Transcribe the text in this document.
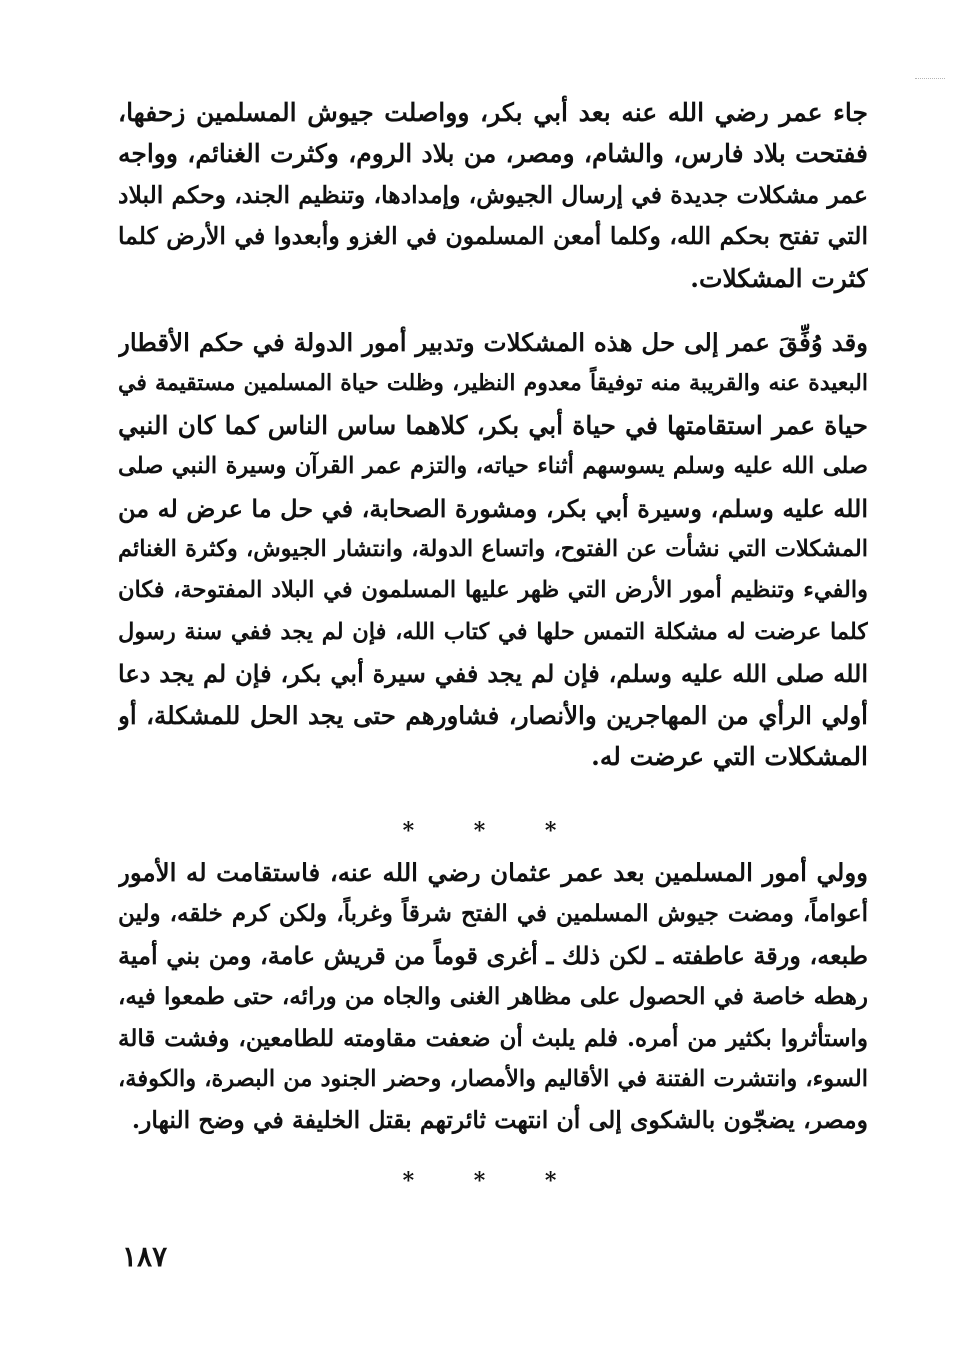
جاء عمر رضي الله عنه بعد أبي بكر، وواصلت جيوش المسلمين زحفها،
ففتحت بلاد فارس، والشام، ومصر، من بلاد الروم، وكثرت الغنائم، وواجه
عمر مشكلات جديدة في إرسال الجيوش، وإمدادها، وتنظيم الجند، وحكم البلاد
التي تفتح بحكم الله، وكلما أمعن المسلمون في الغزو وأبعدوا في الأرض كلما
كثرت المشكلات.
وقد وُفِّقَ عمر إلى حل هذه المشكلات وتدبير أمور الدولة في حكم الأقطار
البعيدة عنه والقريبة منه توفيقاً معدوم النظير، وظلت حياة المسلمين مستقيمة في
حياة عمر استقامتها في حياة أبي بكر، كلاهما ساس الناس كما كان النبي
صلى الله عليه وسلم يسوسهم أثناء حياته، والتزم عمر القرآن وسيرة النبي صلى
الله عليه وسلم، وسيرة أبي بكر، ومشورة الصحابة، في حل ما عرض له من
المشكلات التي نشأت عن الفتوح، واتساع الدولة، وانتشار الجيوش، وكثرة الغنائم
والفيء وتنظيم أمور الأرض التي ظهر عليها المسلمون في البلاد المفتوحة، فكان
كلما عرضت له مشكلة التمس حلها في كتاب الله، فإن لم يجد ففي سنة رسول
الله صلى الله عليه وسلم، فإن لم يجد ففي سيرة أبي بكر، فإن لم يجد دعا
أولي الرأي من المهاجرين والأنصار، فشاورهم حتى يجد الحل للمشكلة، أو
المشكلات التي عرضت له.
* * *
وولي أمور المسلمين بعد عمر عثمان رضي الله عنه، فاستقامت له الأمور
أعواماً، ومضت جيوش المسلمين في الفتح شرقاً وغرباً، ولكن كرم خلقه، ولين
طبعه، ورقة عاطفته ـ لكن ذلك ـ أغرى قوماً من قريش عامة، ومن بني أمية
رهطه خاصة في الحصول على مظاهر الغنى والجاه من ورائه، حتى طمعوا فيه،
واستأثروا بكثير من أمره. فلم يلبث أن ضعفت مقاومته للطامعين، وفشت قالة
السوء، وانتشرت الفتنة في الأقاليم والأمصار، وحضر الجنود من البصرة، والكوفة،
ومصر، يضجّون بالشكوى إلى أن انتهت ثائرتهم بقتل الخليفة في وضح النهار.
* * *
١٨٧
